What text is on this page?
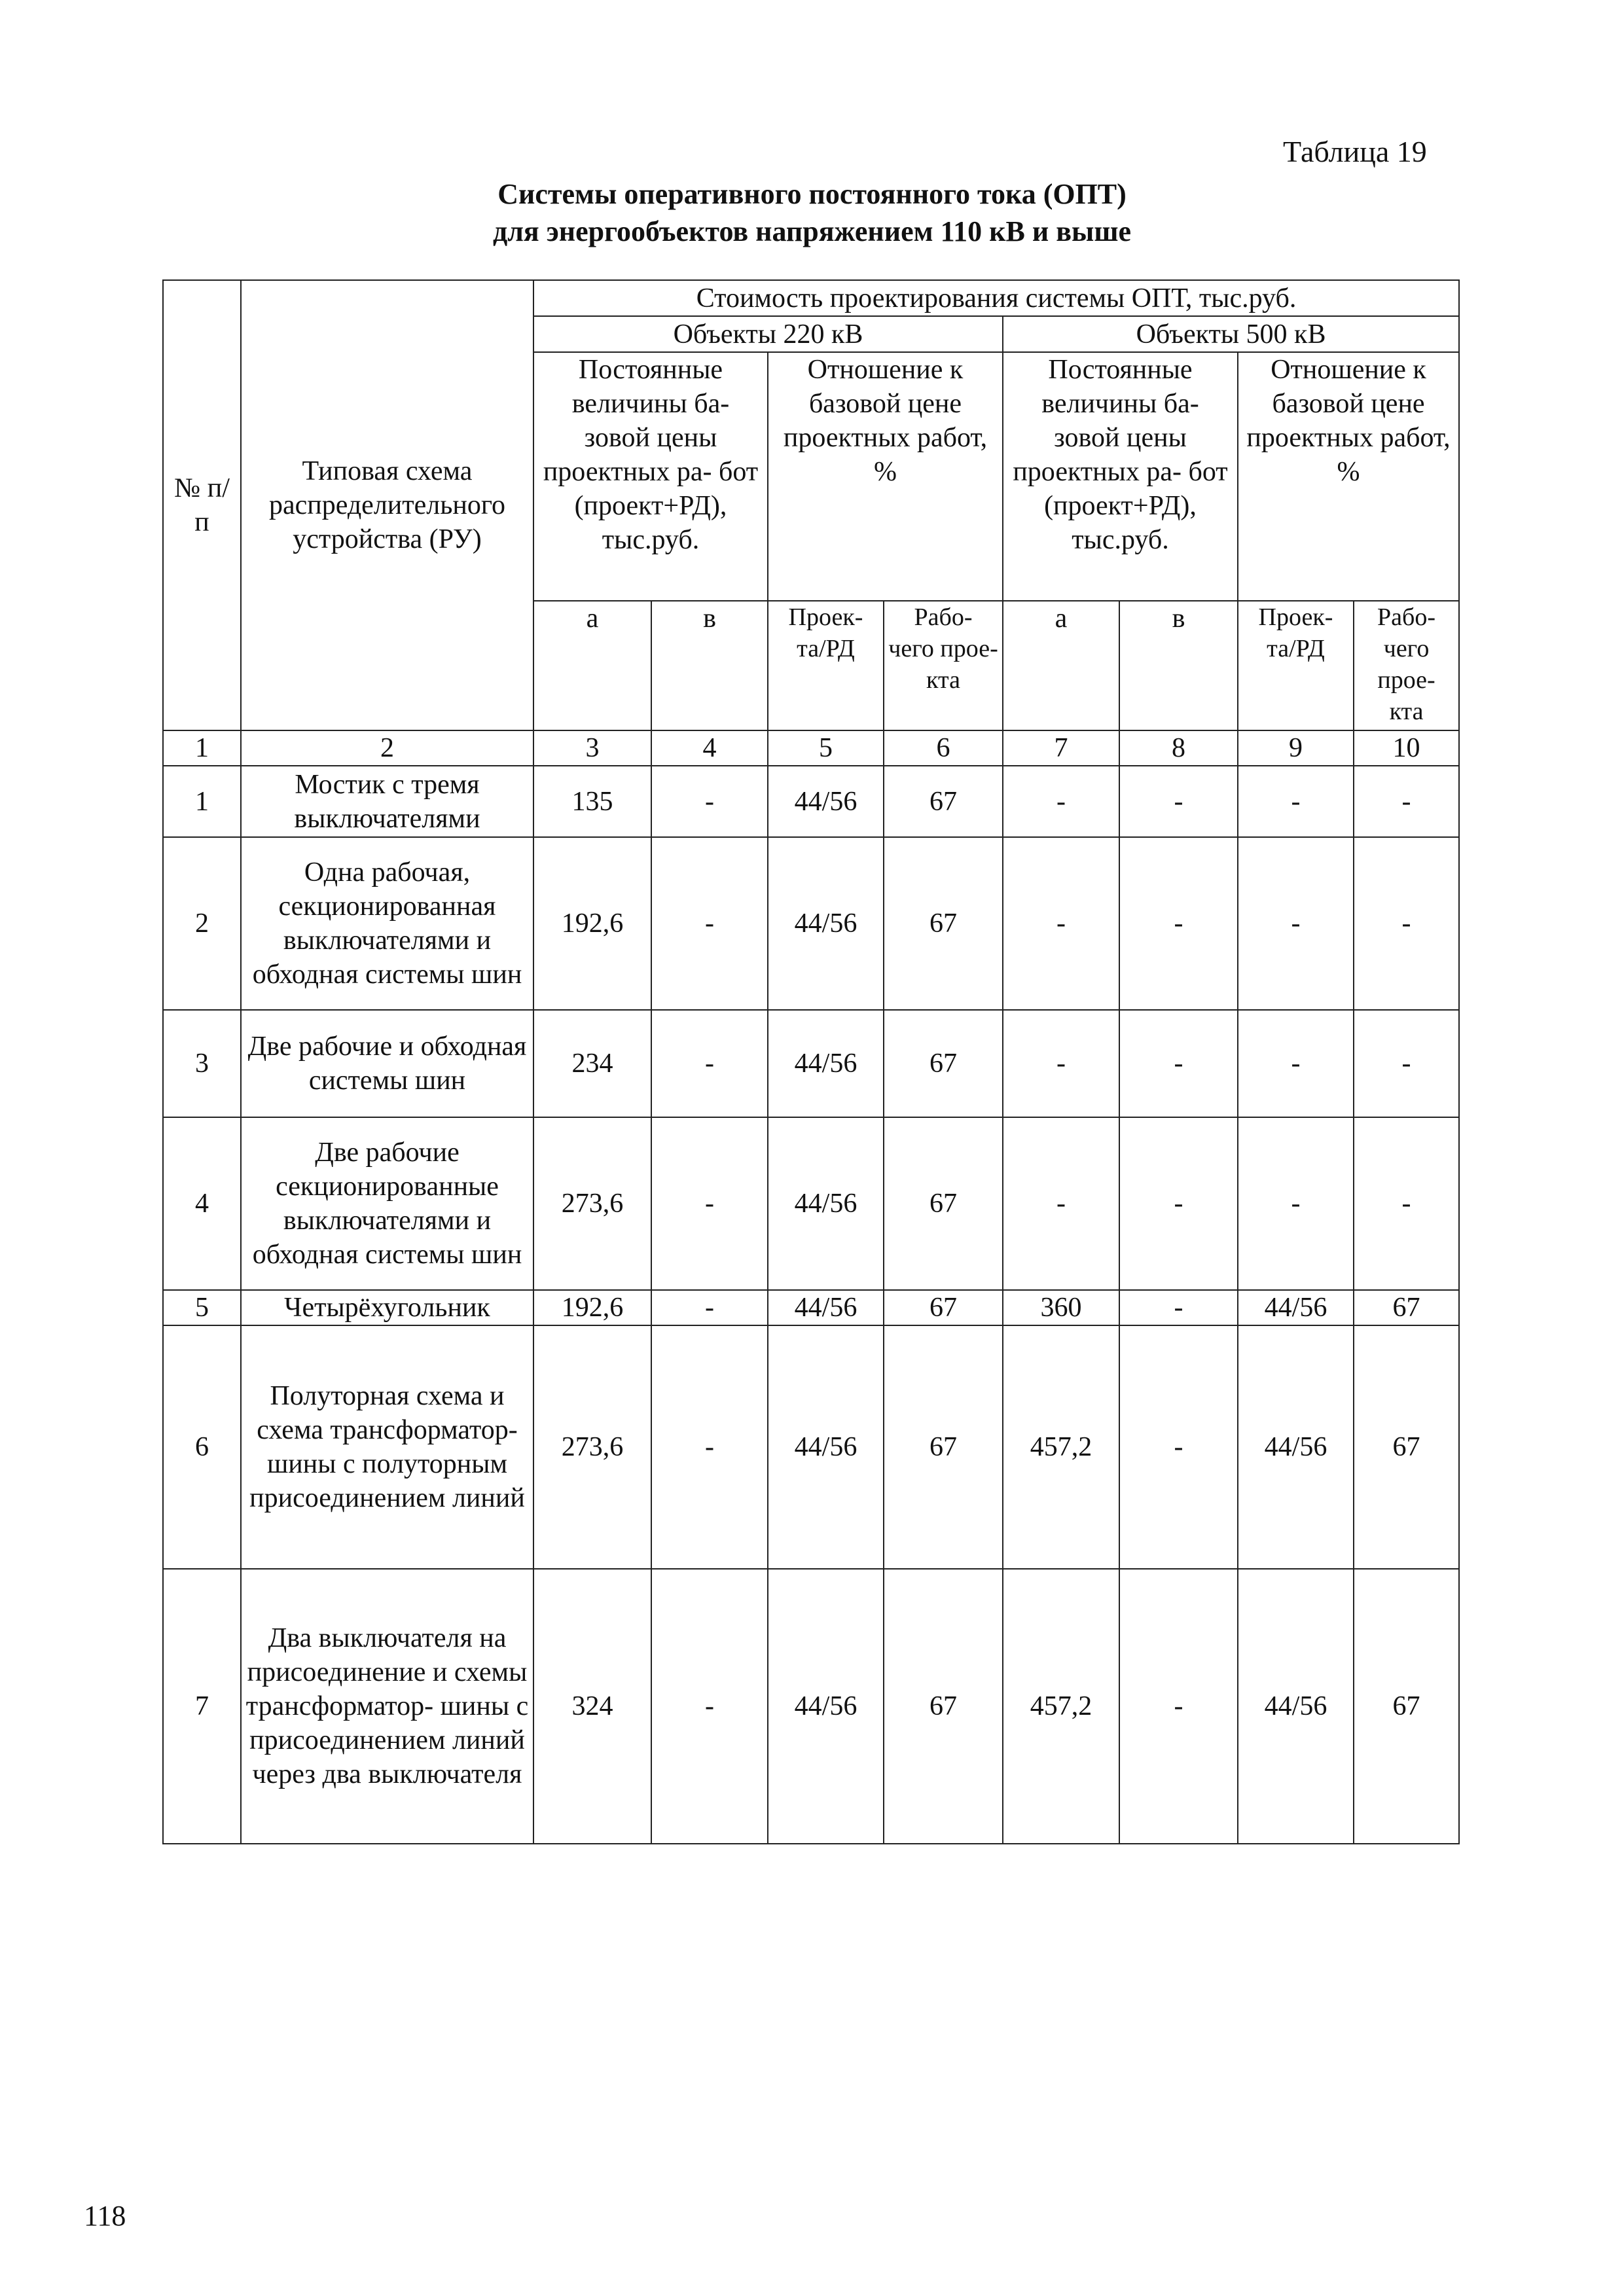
Таблица 19
Системы оперативного постоянного тока (ОПТ)
для энергообъектов напряжением 110 кВ и выше
№ п/п	Типовая схема распределительного устройства (РУ)	Стоимость проектирования системы ОПТ, тыс.руб.							
		Объекты 220 кВ				Объекты 500 кВ			
		Постоянные величины ба- зовой цены проектных ра- бот (проект+РД), тыс.руб.		Отношение к базовой цене проектных работ, %		Постоянные величины ба- зовой цены проектных ра- бот (проект+РД), тыс.руб.		Отношение к базовой цене проектных работ, %	
		а	в	Проек- та/РД	Рабо- чего прое- кта	а	в	Проек- та/РД	Рабо- чего прое- кта
1	2	3	4	5	6	7	8	9	10
1	Мостик с тремя выключателями	135	-	44/56	67	-	-	-	-
2	Одна рабочая, секционированная выключателями и обходная системы шин	192,6	-	44/56	67	-	-	-	-
3	Две рабочие и обходная системы шин	234	-	44/56	67	-	-	-	-
4	Две рабочие секционированные выключателями и обходная системы шин	273,6	-	44/56	67	-	-	-	-
5	Четырёхугольник	192,6	-	44/56	67	360	-	44/56	67
6	Полуторная схема и схема трансформатор- шины с полуторным присоединением линий	273,6	-	44/56	67	457,2	-	44/56	67
7	Два выключателя на присоединение и схемы трансформатор- шины с присоединением линий через два выключателя	324	-	44/56	67	457,2	-	44/56	67
118
